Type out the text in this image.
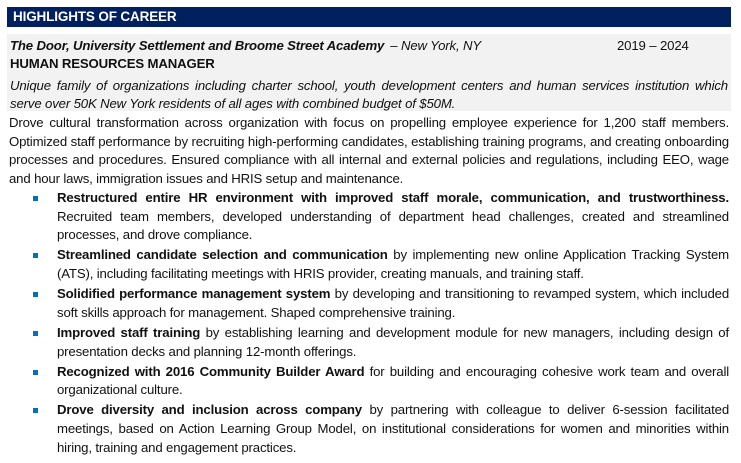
HIGHLIGHTS OF CAREER
The Door, University Settlement and Broome Street Academy – New York, NY	2019 – 2024
HUMAN RESOURCES MANAGER
Unique family of organizations including charter school, youth development centers and human services institution which serve over 50K New York residents of all ages with combined budget of $50M.
Drove cultural transformation across organization with focus on propelling employee experience for 1,200 staff members. Optimized staff performance by recruiting high-performing candidates, establishing training programs, and creating onboarding processes and procedures. Ensured compliance with all internal and external policies and regulations, including EEO, wage and hour laws, immigration issues and HRIS setup and maintenance.
Restructured entire HR environment with improved staff morale, communication, and trustworthiness. Recruited team members, developed understanding of department head challenges, created and streamlined processes, and drove compliance.
Streamlined candidate selection and communication by implementing new online Application Tracking System (ATS), including facilitating meetings with HRIS provider, creating manuals, and training staff.
Solidified performance management system by developing and transitioning to revamped system, which included soft skills approach for management. Shaped comprehensive training.
Improved staff training by establishing learning and development module for new managers, including design of presentation decks and planning 12-month offerings.
Recognized with 2016 Community Builder Award for building and encouraging cohesive work team and overall organizational culture.
Drove diversity and inclusion across company by partnering with colleague to deliver 6-session facilitated meetings, based on Action Learning Group Model, on institutional considerations for women and minorities within hiring, training and engagement practices.
